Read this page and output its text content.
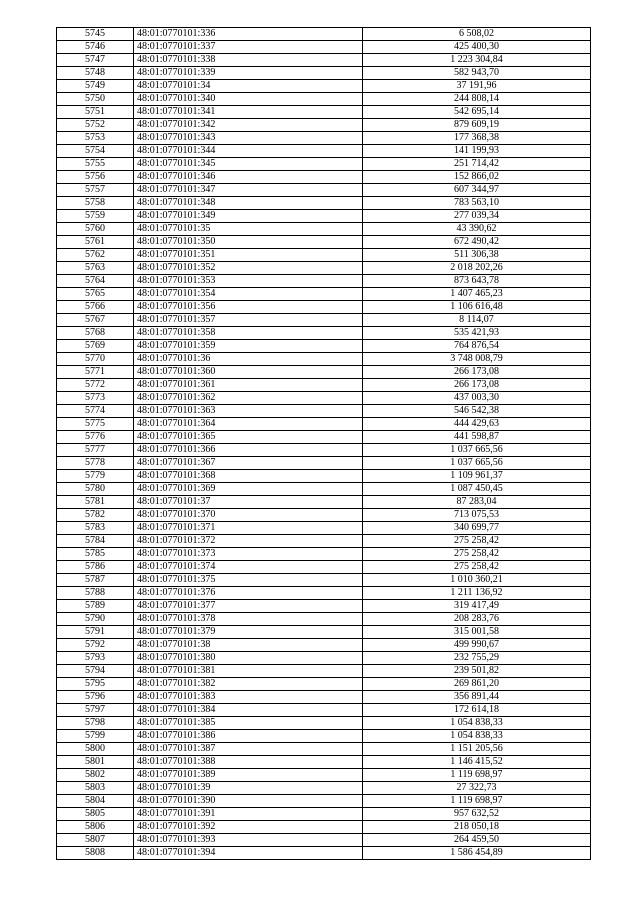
5745	48:01:0770101:336	6 508,02
5746	48:01:0770101:337	425 400,30
5747	48:01:0770101:338	1 223 304,84
5748	48:01:0770101:339	582 943,70
5749	48:01:0770101:34	37 191,96
5750	48:01:0770101:340	244 808,14
5751	48:01:0770101:341	542 695,14
5752	48:01:0770101:342	879 609,19
5753	48:01:0770101:343	177 368,38
5754	48:01:0770101:344	141 199,93
5755	48:01:0770101:345	251 714,42
5756	48:01:0770101:346	152 866,02
5757	48:01:0770101:347	607 344,97
5758	48:01:0770101:348	783 563,10
5759	48:01:0770101:349	277 039,34
5760	48:01:0770101:35	43 390,62
5761	48:01:0770101:350	672 490,42
5762	48:01:0770101:351	511 306,38
5763	48:01:0770101:352	2 018 202,26
5764	48:01:0770101:353	873 643,78
5765	48:01:0770101:354	1 407 465,23
5766	48:01:0770101:356	1 106 616,48
5767	48:01:0770101:357	8 114,07
5768	48:01:0770101:358	535 421,93
5769	48:01:0770101:359	764 876,54
5770	48:01:0770101:36	3 748 008,79
5771	48:01:0770101:360	266 173,08
5772	48:01:0770101:361	266 173,08
5773	48:01:0770101:362	437 003,30
5774	48:01:0770101:363	546 542,38
5775	48:01:0770101:364	444 429,63
5776	48:01:0770101:365	441 598,87
5777	48:01:0770101:366	1 037 665,56
5778	48:01:0770101:367	1 037 665,56
5779	48:01:0770101:368	1 109 961,37
5780	48:01:0770101:369	1 087 450,45
5781	48:01:0770101:37	87 283,04
5782	48:01:0770101:370	713 075,53
5783	48:01:0770101:371	340 699,77
5784	48:01:0770101:372	275 258,42
5785	48:01:0770101:373	275 258,42
5786	48:01:0770101:374	275 258,42
5787	48:01:0770101:375	1 010 360,21
5788	48:01:0770101:376	1 211 136,92
5789	48:01:0770101:377	319 417,49
5790	48:01:0770101:378	208 283,76
5791	48:01:0770101:379	315 001,58
5792	48:01:0770101:38	499 990,67
5793	48:01:0770101:380	232 755,29
5794	48:01:0770101:381	239 501,82
5795	48:01:0770101:382	269 861,20
5796	48:01:0770101:383	356 891,44
5797	48:01:0770101:384	172 614,18
5798	48:01:0770101:385	1 054 838,33
5799	48:01:0770101:386	1 054 838,33
5800	48:01:0770101:387	1 151 205,56
5801	48:01:0770101:388	1 146 415,52
5802	48:01:0770101:389	1 119 698,97
5803	48:01:0770101:39	27 322,73
5804	48:01:0770101:390	1 119 698,97
5805	48:01:0770101:391	957 632,52
5806	48:01:0770101:392	218 050,18
5807	48:01:0770101:393	264 459,50
5808	48:01:0770101:394	1 586 454,89
